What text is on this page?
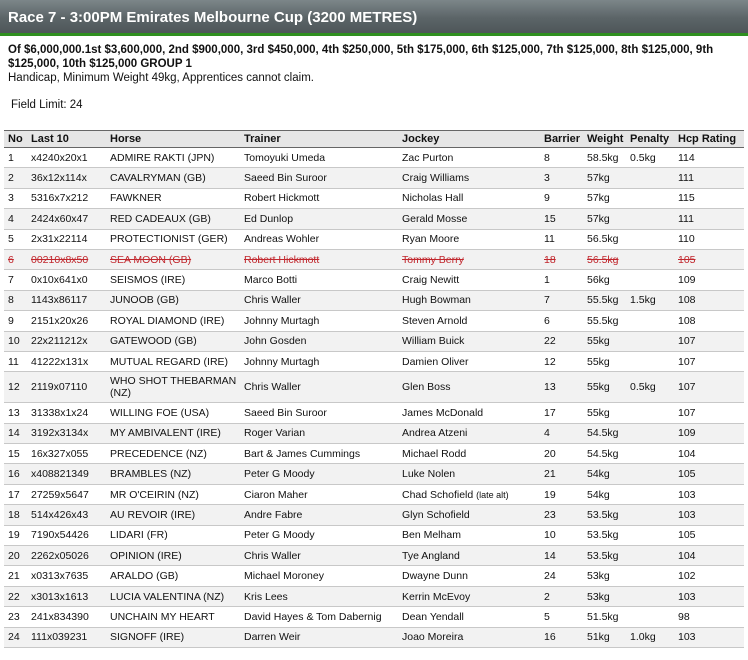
Race 7 - 3:00PM Emirates Melbourne Cup (3200 METRES)
Of $6,000,000.1st $3,600,000, 2nd $900,000, 3rd $450,000, 4th $250,000, 5th $175,000, 6th $125,000, 7th $125,000, 8th $125,000, 9th $125,000, 10th $125,000 GROUP 1
Handicap, Minimum Weight 49kg, Apprentices cannot claim.
Field Limit: 24
No	Last 10	Horse	Trainer	Jockey	Barrier	Weight	Penalty	Hcp Rating
1	x4240x20x1	ADMIRE RAKTI (JPN)	Tomoyuki Umeda	Zac Purton	8	58.5kg	0.5kg	114
2	36x12x114x	CAVALRYMAN (GB)	Saeed Bin Suroor	Craig Williams	3	57kg		111
3	5316x7x212	FAWKNER	Robert Hickmott	Nicholas Hall	9	57kg		115
4	2424x60x47	RED CADEAUX (GB)	Ed Dunlop	Gerald Mosse	15	57kg		111
5	2x31x22114	PROTECTIONIST (GER)	Andreas Wohler	Ryan Moore	11	56.5kg		110
6	00210x8x50	SEA MOON (GB)	Robert Hickmott	Tommy Berry	18	56.5kg		105
7	0x10x641x0	SEISMOS (IRE)	Marco Botti	Craig Newitt	1	56kg		109
8	1143x86117	JUNOOB (GB)	Chris Waller	Hugh Bowman	7	55.5kg	1.5kg	108
9	2151x20x26	ROYAL DIAMOND (IRE)	Johnny Murtagh	Steven Arnold	6	55.5kg		108
10	22x211212x	GATEWOOD (GB)	John Gosden	William Buick	22	55kg		107
11	41222x131x	MUTUAL REGARD (IRE)	Johnny Murtagh	Damien Oliver	12	55kg		107
12	2119x07110	WHO SHOT THEBARMAN (NZ)	Chris Waller	Glen Boss	13	55kg	0.5kg	107
13	31338x1x24	WILLING FOE (USA)	Saeed Bin Suroor	James McDonald	17	55kg		107
14	3192x3134x	MY AMBIVALENT (IRE)	Roger Varian	Andrea Atzeni	4	54.5kg		109
15	16x327x055	PRECEDENCE (NZ)	Bart & James Cummings	Michael Rodd	20	54.5kg		104
16	x408821349	BRAMBLES (NZ)	Peter G Moody	Luke Nolen	21	54kg		105
17	27259x5647	MR O'CEIRIN (NZ)	Ciaron Maher	Chad Schofield (late alt)	19	54kg		103
18	514x426x43	AU REVOIR (IRE)	Andre Fabre	Glyn Schofield	23	53.5kg		103
19	7190x54426	LIDARI (FR)	Peter G Moody	Ben Melham	10	53.5kg		105
20	2262x05026	OPINION (IRE)	Chris Waller	Tye Angland	14	53.5kg		104
21	x0313x7635	ARALDO (GB)	Michael Moroney	Dwayne Dunn	24	53kg		102
22	x3013x1613	LUCIA VALENTINA (NZ)	Kris Lees	Kerrin McEvoy	2	53kg		103
23	241x834390	UNCHAIN MY HEART	David Hayes & Tom Dabernig	Dean Yendall	5	51.5kg		98
24	111x039231	SIGNOFF (IRE)	Darren Weir	Joao Moreira	16	51kg	1.0kg	103
